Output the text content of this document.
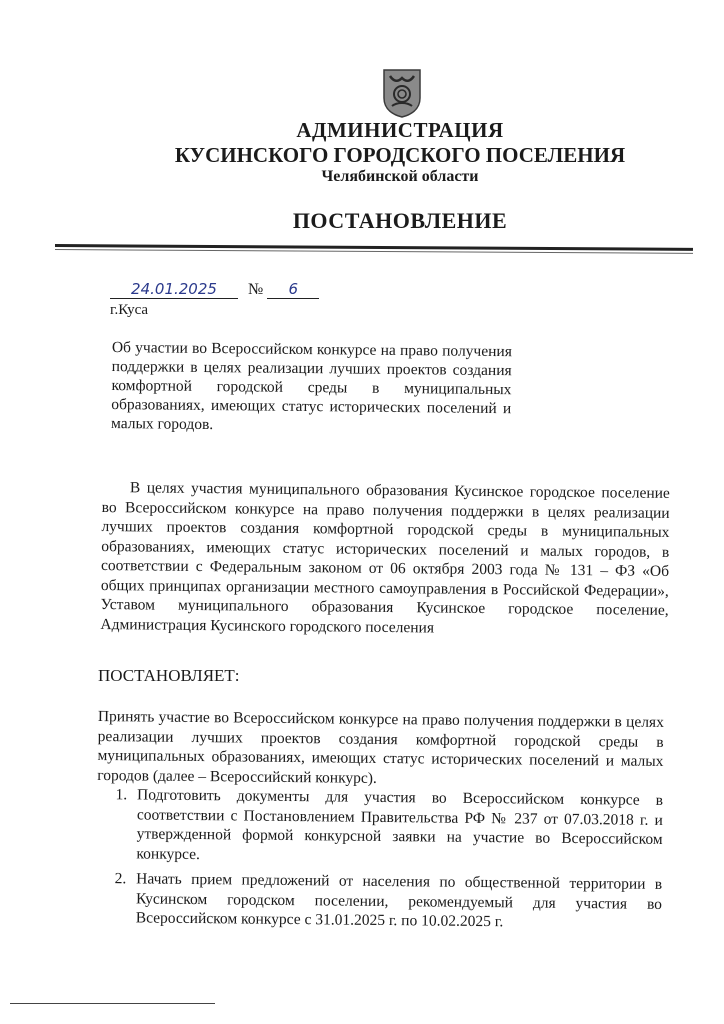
АДМИНИСТРАЦИЯ
КУСИНСКОГО ГОРОДСКОГО ПОСЕЛЕНИЯ
Челябинской области
ПОСТАНОВЛЕНИЕ
24.01.2025 № 6
г.Куса
Об участии во Всероссийском конкурсе на право получения поддержки в целях реализации лучших проектов создания комфортной городской среды в муниципальных образованиях, имеющих статус исторических поселений и малых городов.
В целях участия муниципального образования Кусинское городское поселение во Всероссийском конкурсе на право получения поддержки в целях реализации лучших проектов создания комфортной городской среды в муниципальных образованиях, имеющих статус исторических поселений и малых городов, в соответствии с Федеральным законом от 06 октября 2003 года № 131 – ФЗ «Об общих принципах организации местного самоуправления в Российской Федерации», Уставом муниципального образования Кусинское городское поселение, Администрация Кусинского городского поселения
ПОСТАНОВЛЯЕТ:

Принять участие во Всероссийском конкурсе на право получения поддержки в целях реализации лучших проектов создания комфортной городской среды в муниципальных образованиях, имеющих статус исторических поселений и малых городов (далее – Всероссийский конкурс).

1. Подготовить документы для участия во Всероссийском конкурсе в соответствии с Постановлением Правительства РФ № 237 от 07.03.2018 г. и утвержденной формой конкурсной заявки на участие во Всероссийском конкурсе.
2. Начать прием предложений от населения по общественной территории в Кусинском городском поселении, рекомендуемый для участия во Всероссийском конкурсе с 31.01.2025 г. по 10.02.2025 г.
